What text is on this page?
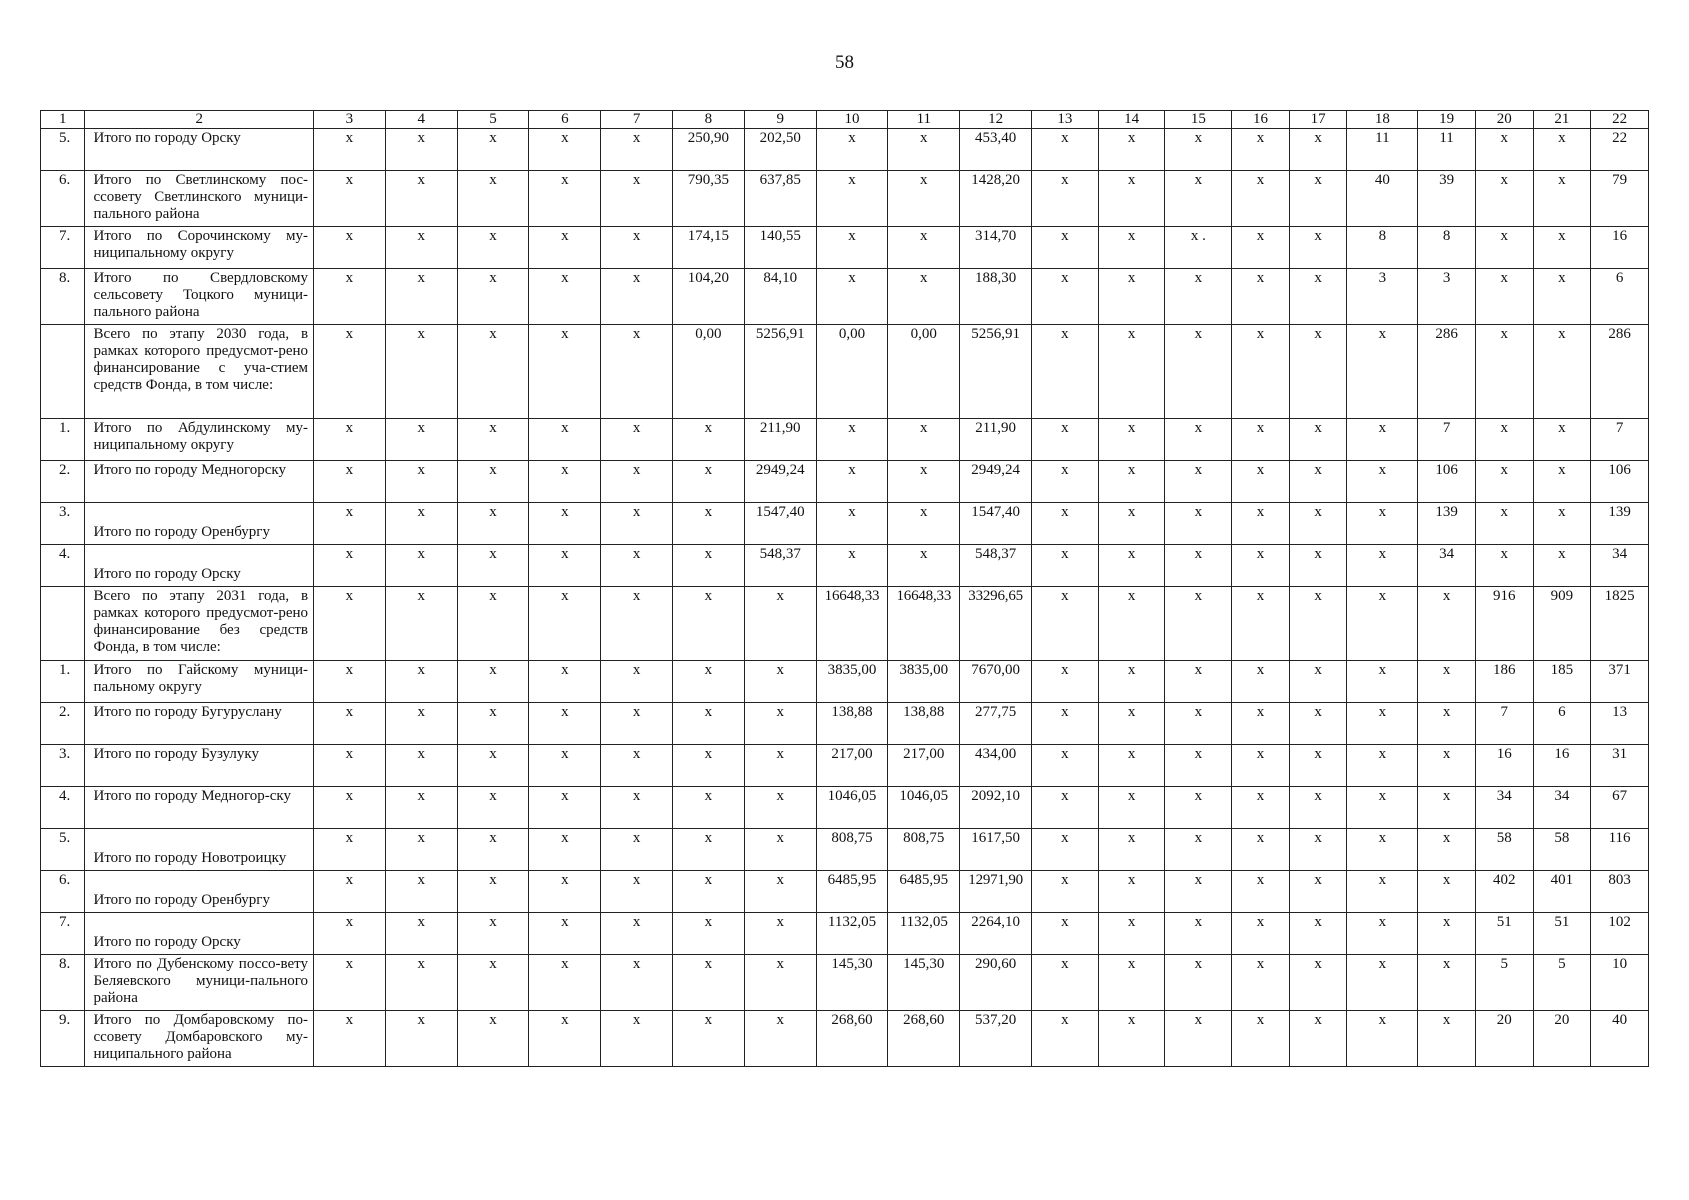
58
1	2	3	4	5	6	7	8	9	10	11	12	13	14	15	16	17	18	19	20	21	22
5.	Итого по городу Орску	x	x	x	x	x	250,90	202,50	x	x	453,40	x	x	x	x	x	11	11	x	x	22
6.	Итого по Светлинскому пос-ссовету Светлинского муници-пального района	x	x	x	x	x	790,35	637,85	x	x	1428,20	x	x	x	x	x	40	39	x	x	79
7.	Итого по Сорочинскому му-ниципальному округу	x	x	x	x	x	174,15	140,55	x	x	314,70	x	x	x .	x	x	8	8	x	x	16
8.	Итого по Свердловскому сельсовету Тоцкого муници-пального района	x	x	x	x	x	104,20	84,10	x	x	188,30	x	x	x	x	x	3	3	x	x	6
	Всего по этапу 2030 года, в рамках которого предусмот-рено финансирование с уча-стием средств Фонда, в том числе:	x	x	x	x	x	0,00	5256,91	0,00	0,00	5256,91	x	x	x	x	x	x	286	x	x	286
1.	Итого по Абдулинскому му-ниципальному округу	x	x	x	x	x	x	211,90	x	x	211,90	x	x	x	x	x	x	7	x	x	7
2.	Итого по городу Медногорску	x	x	x	x	x	x	2949,24	x	x	2949,24	x	x	x	x	x	x	106	x	x	106
3.	Итого по городу Оренбургу	x	x	x	x	x	x	1547,40	x	x	1547,40	x	x	x	x	x	x	139	x	x	139
4.	Итого по городу Орску	x	x	x	x	x	x	548,37	x	x	548,37	x	x	x	x	x	x	34	x	x	34
	Всего по этапу 2031 года, в рамках которого предусмот-рено финансирование без средств Фонда, в том числе:	x	x	x	x	x	x	x	16648,33	16648,33	33296,65	x	x	x	x	x	x	x	916	909	1825
1.	Итого по Гайскому муници-пальному округу	x	x	x	x	x	x	x	3835,00	3835,00	7670,00	x	x	x	x	x	x	x	186	185	371
2.	Итого по городу Бугуруслану	x	x	x	x	x	x	x	138,88	138,88	277,75	x	x	x	x	x	x	x	7	6	13
3.	Итого по городу Бузулуку	x	x	x	x	x	x	x	217,00	217,00	434,00	x	x	x	x	x	x	x	16	16	31
4.	Итого по городу Медногор-ску	x	x	x	x	x	x	x	1046,05	1046,05	2092,10	x	x	x	x	x	x	x	34	34	67
5.	Итого по городу Новотроицку	x	x	x	x	x	x	x	808,75	808,75	1617,50	x	x	x	x	x	x	x	58	58	116
6.	Итого по городу Оренбургу	x	x	x	x	x	x	x	6485,95	6485,95	12971,90	x	x	x	x	x	x	x	402	401	803
7.	Итого по городу Орску	x	x	x	x	x	x	x	1132,05	1132,05	2264,10	x	x	x	x	x	x	x	51	51	102
8.	Итого по Дубенскому поссо-вету Беляевского муници-пального района	x	x	x	x	x	x	x	145,30	145,30	290,60	x	x	x	x	x	x	x	5	5	10
9.	Итого по Домбаровскому по-ссовету Домбаровского му-ниципального района	x	x	x	x	x	x	x	268,60	268,60	537,20	x	x	x	x	x	x	x	20	20	40
